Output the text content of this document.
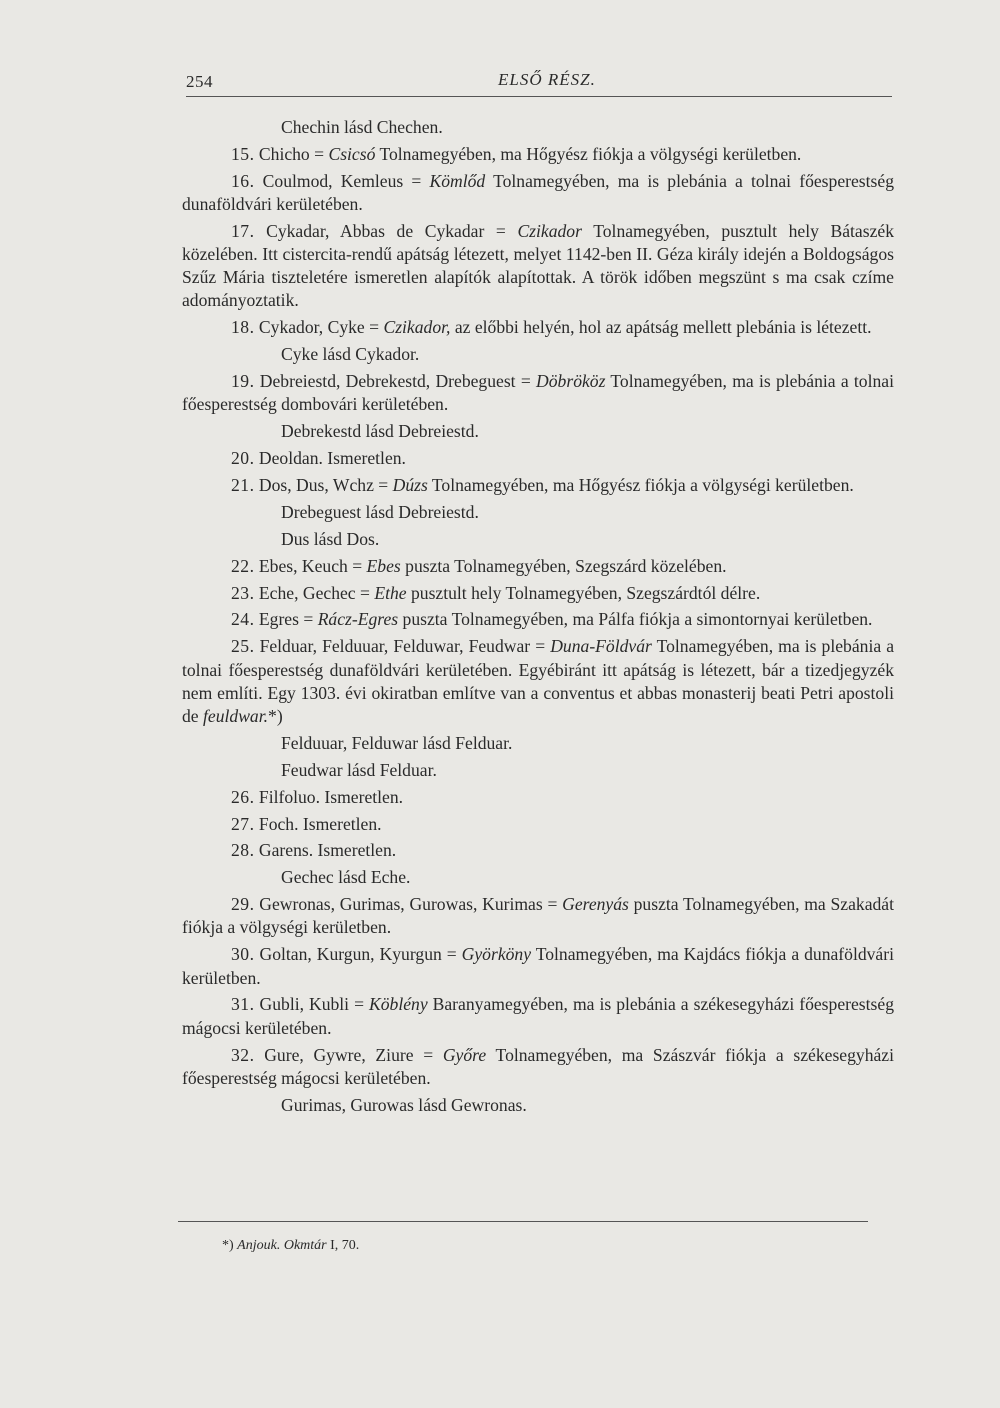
254	ELSŐ RÉSZ.

Chechin lásd Chechen.

15. Chicho = Csicsó Tolnamegyében, ma Hőgyész fiókja a völgységi kerületben.

16. Coulmod, Kemleus = Kömlőd Tolnamegyében, ma is plebánia a tolnai főesperestség dunaföldvári kerületében.

17. Cykadar, Abbas de Cykadar = Czikador Tolnamegyében, pusztult hely Bátaszék közelében. Itt cistercita-rendű apátság létezett, melyet 1142-ben II. Géza király idején a Boldogságos Szűz Mária tiszteletére ismeretlen alapítók alapítottak. A török időben megszünt s ma csak czíme adományoztatik.

18. Cykador, Cyke = Czikador, az előbbi helyén, hol az apátság mellett plebánia is létezett.

Cyke lásd Cykador.

19. Debreiestd, Debrekestd, Drebeguest = Döbrököz Tolnamegyében, ma is plebánia a tolnai főesperestség dombovári kerületében.

Debrekestd lásd Debreiestd.

20. Deoldan. Ismeretlen.

21. Dos, Dus, Wchz = Dúzs Tolnamegyében, ma Hőgyész fiókja a völgységi kerületben.

Drebeguest lásd Debreiestd.

Dus lásd Dos.

22. Ebes, Keuch = Ebes puszta Tolnamegyében, Szegszárd közelében.

23. Eche, Gechec = Ethe pusztult hely Tolnamegyében, Szegszárdtól délre.

24. Egres = Rácz-Egres puszta Tolnamegyében, ma Pálfa fiókja a simontornyai kerületben.

25. Felduar, Felduuar, Felduwar, Feudwar = Duna-Földvár Tolnamegyében, ma is plebánia a tolnai főesperestség dunaföldvári kerületében. Egyébiránt itt apátság is létezett, bár a tizedjegyzék nem említi. Egy 1303. évi okiratban említve van a conventus et abbas monasterij beati Petri apostoli de feuldwar.*)

Felduuar, Felduwar lásd Felduar.

Feudwar lásd Felduar.

26. Filfoluo. Ismeretlen.

27. Foch. Ismeretlen.

28. Garens. Ismeretlen.

Gechec lásd Eche.

29. Gewronas, Gurimas, Gurowas, Kurimas = Gerenyás puszta Tolnamegyében, ma Szakadát fiókja a völgységi kerületben.

30. Goltan, Kurgun, Kyurgun = Györköny Tolnamegyében, ma Kajdács fiókja a dunaföldvári kerületben.

31. Gubli, Kubli = Köblény Baranyamegyében, ma is plebánia a székesegyházi főesperestség mágocsi kerületében.

32. Gure, Gywre, Ziure = Győre Tolnamegyében, ma Szászvár fiókja a székesegyházi főesperestség mágocsi kerületében.

Gurimas, Gurowas lásd Gewronas.

*) Anjouk. Okmtár I, 70.
